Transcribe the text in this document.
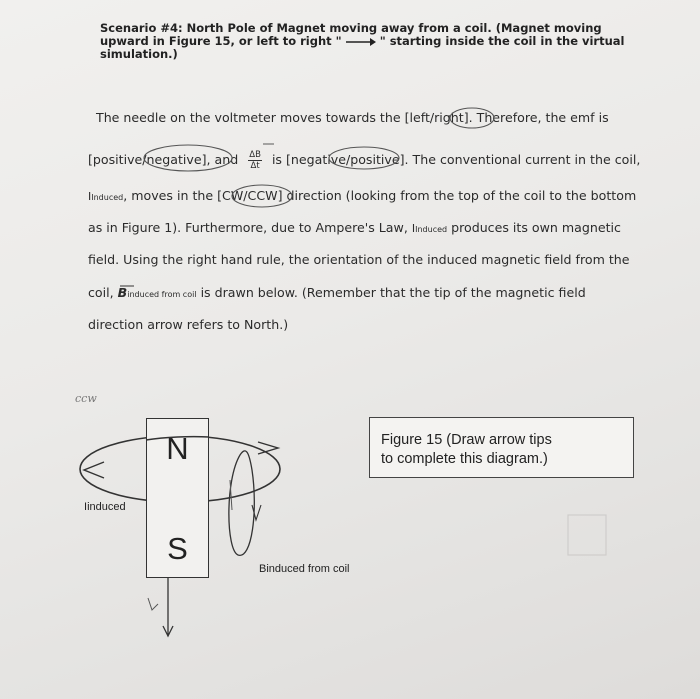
Scenario #4: North Pole of Magnet moving away from a coil. (Magnet moving
upward in Figure 15, or left to right "	" starting inside the coil in the virtual
simulation.)
The needle on the voltmeter moves towards the [left/right]. Therefore, the emf is
[positive/negative], and $\frac{\Delta B}{\Delta t}$ is [negative/positive]. The conventional current in the coil,
IInduced, moves in the [CW/CCW] direction (looking from the top of the coil to the bottom
as in Figure 1). Furthermore, due to Ampere's Law, IInduced produces its own magnetic
field. Using the right hand rule, the orientation of the induced magnetic field from the
coil, Binduced from coil is drawn below. (Remember that the tip of the magnetic field
direction arrow refers to North.)
ccw
N
S
Iinduced
Binduced from coil
Figure 15 (Draw arrow tips
to complete this diagram.)
